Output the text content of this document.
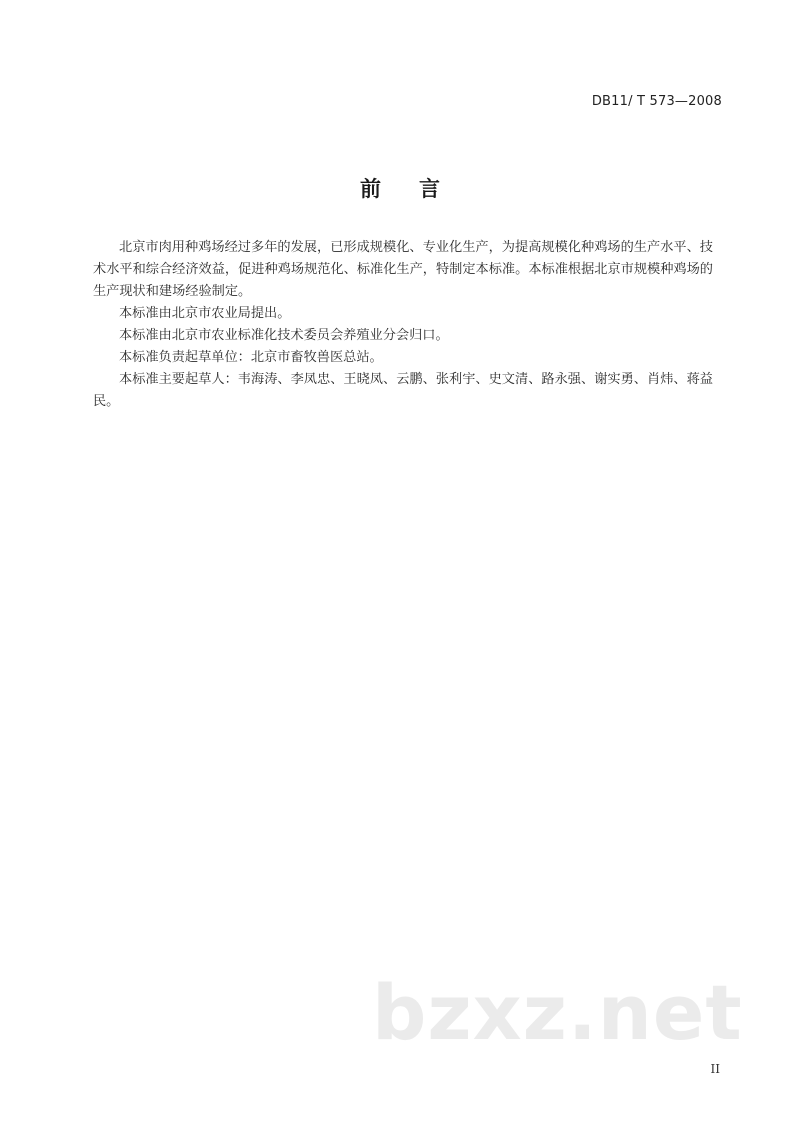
DB11/ T 573—2008
前言

北京市肉用种鸡场经过多年的发展，已形成规模化、专业化生产，为提高规模化种鸡场的生产水平、技术水平和综合经济效益，促进种鸡场规范化、标准化生产，特制定本标准。本标准根据北京市规模种鸡场的生产现状和建场经验制定。

本标准由北京市农业局提出。

本标准由北京市农业标准化技术委员会养殖业分会归口。

本标准负责起草单位：北京市畜牧兽医总站。

本标准主要起草人：韦海涛、李凤忠、王晓凤、云鹏、张利宇、史文清、路永强、谢实勇、肖炜、蒋益民。

bzxz.net
II
